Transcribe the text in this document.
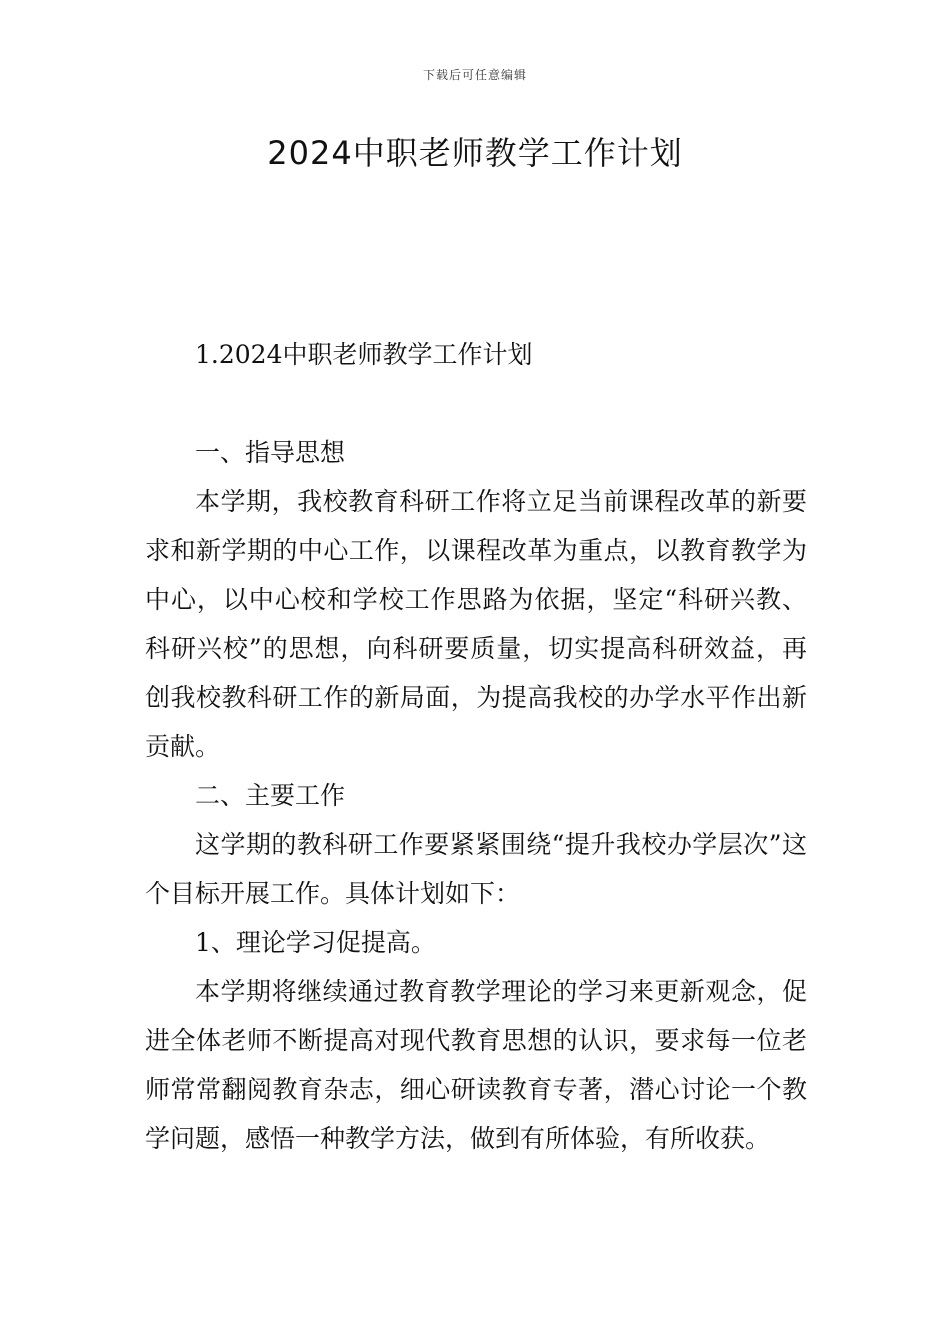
下载后可任意编辑
2024中职老师教学工作计划

1.2024中职老师教学工作计划

一、指导思想

本学期，我校教育科研工作将立足当前课程改革的新要求和新学期的中心工作，以课程改革为重点，以教育教学为中心，以中心校和学校工作思路为依据，坚定“科研兴教、科研兴校”的思想，向科研要质量，切实提高科研效益，再创我校教科研工作的新局面，为提高我校的办学水平作出新贡献。

二、主要工作

这学期的教科研工作要紧紧围绕“提升我校办学层次”这个目标开展工作。具体计划如下：

1、理论学习促提高。

本学期将继续通过教育教学理论的学习来更新观念，促进全体老师不断提高对现代教育思想的认识，要求每一位老师常常翻阅教育杂志，细心研读教育专著，潜心讨论一个教学问题，感悟一种教学方法，做到有所体验，有所收获。
